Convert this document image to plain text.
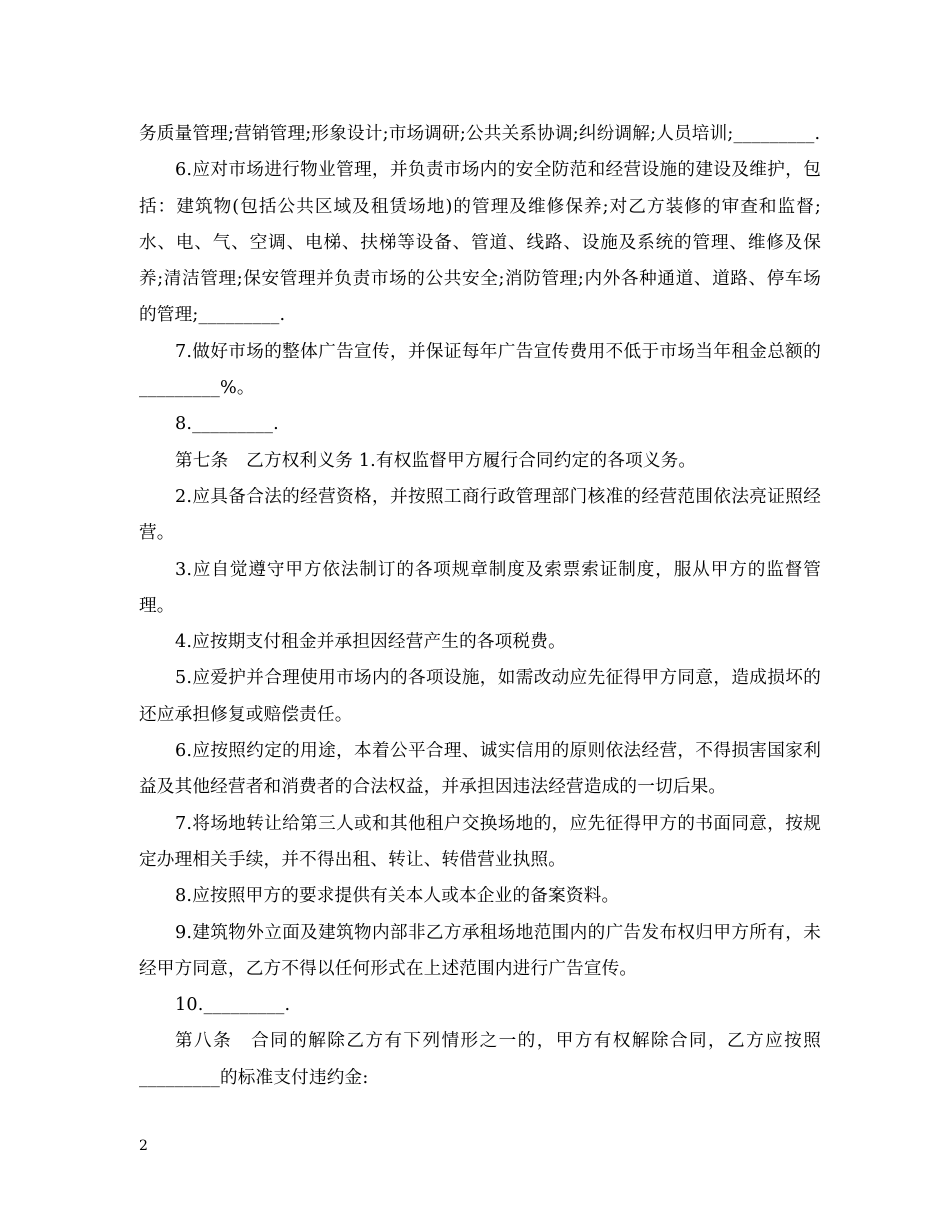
务质量管理;营销管理;形象设计;市场调研;公共关系协调;纠纷调解;人员培训;_________.

6.应对市场进行物业管理，并负责市场内的安全防范和经营设施的建设及维护，包括：建筑物(包括公共区域及租赁场地)的管理及维修保养;对乙方装修的审查和监督;水、电、气、空调、电梯、扶梯等设备、管道、线路、设施及系统的管理、维修及保养;清洁管理;保安管理并负责市场的公共安全;消防管理;内外各种通道、道路、停车场的管理;_________.

7.做好市场的整体广告宣传，并保证每年广告宣传费用不低于市场当年租金总额的_________%。

8._________.

第七条　乙方权利义务 1.有权监督甲方履行合同约定的各项义务。

2.应具备合法的经营资格，并按照工商行政管理部门核准的经营范围依法亮证照经营。

3.应自觉遵守甲方依法制订的各项规章制度及索票索证制度，服从甲方的监督管理。

4.应按期支付租金并承担因经营产生的各项税费。

5.应爱护并合理使用市场内的各项设施，如需改动应先征得甲方同意，造成损坏的还应承担修复或赔偿责任。

6.应按照约定的用途，本着公平合理、诚实信用的原则依法经营，不得损害国家利益及其他经营者和消费者的合法权益，并承担因违法经营造成的一切后果。

7.将场地转让给第三人或和其他租户交换场地的，应先征得甲方的书面同意，按规定办理相关手续，并不得出租、转让、转借营业执照。

8.应按照甲方的要求提供有关本人或本企业的备案资料。

9.建筑物外立面及建筑物内部非乙方承租场地范围内的广告发布权归甲方所有，未经甲方同意，乙方不得以任何形式在上述范围内进行广告宣传。

10._________.

第八条　合同的解除乙方有下列情形之一的，甲方有权解除合同，乙方应按照_________的标准支付违约金:

2
